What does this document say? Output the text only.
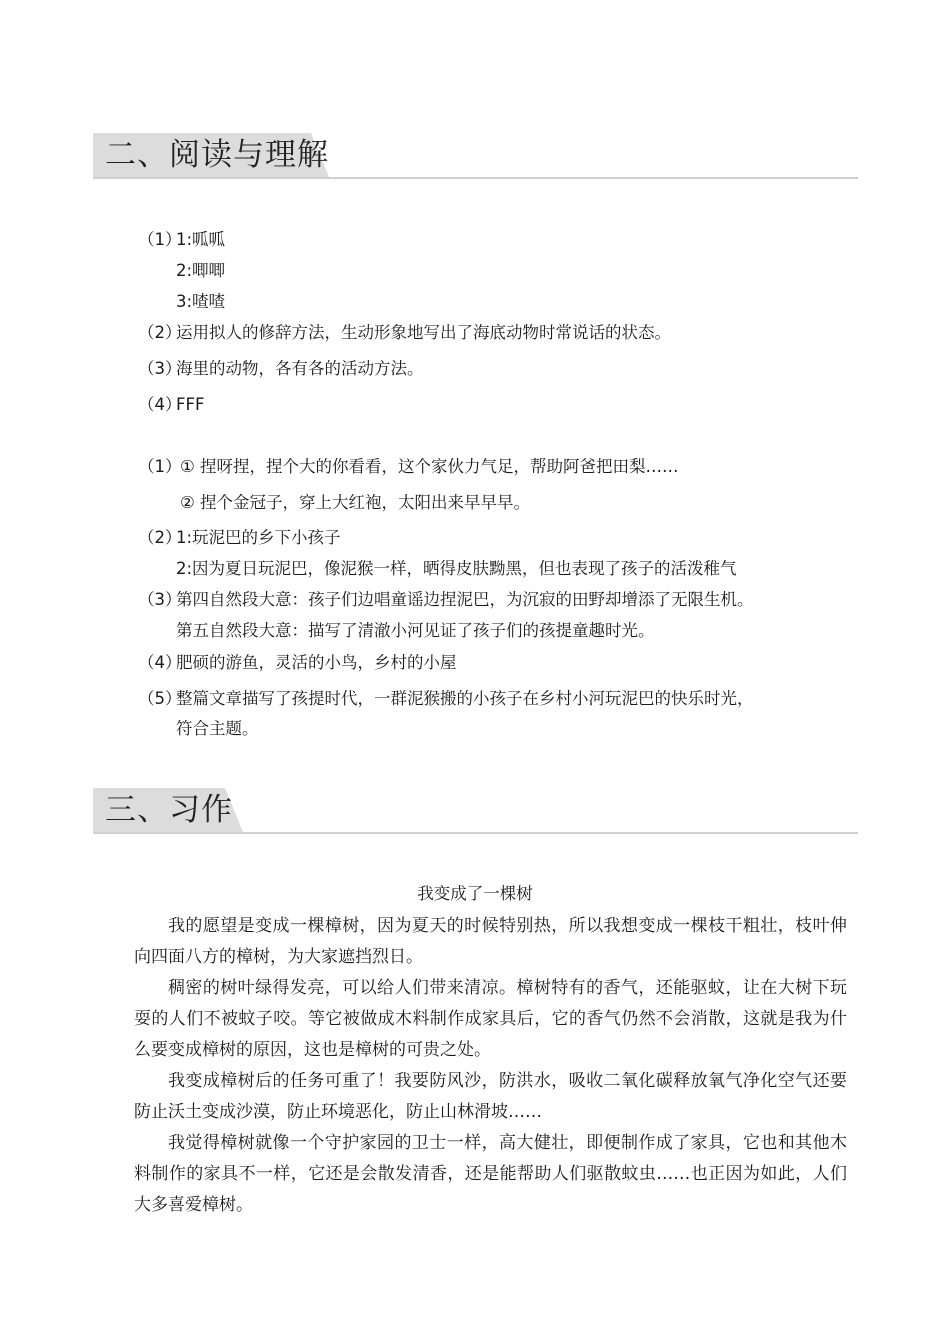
二、阅读与理解
（1）1:呱呱
2:唧唧
3:喳喳
（2）运用拟人的修辞方法，生动形象地写出了海底动物时常说话的状态。
（3）海里的动物，各有各的活动方法。
（4）FFF
（1）① 捏呀捏，捏个大的你看看，这个家伙力气足，帮助阿爸把田梨……
② 捏个金冠子，穿上大红袍，太阳出来早早早。
（2）1:玩泥巴的乡下小孩子
2:因为夏日玩泥巴，像泥猴一样，晒得皮肤黝黑，但也表现了孩子的活泼稚气
（3）第四自然段大意：孩子们边唱童谣边捏泥巴，为沉寂的田野却增添了无限生机。
第五自然段大意：描写了清澈小河见证了孩子们的孩提童趣时光。
（4）肥硕的游鱼，灵活的小鸟，乡村的小屋
（5）整篇文章描写了孩提时代，一群泥猴搬的小孩子在乡村小河玩泥巴的快乐时光，
符合主题。
三、习作
我变成了一棵树

我的愿望是变成一棵樟树，因为夏天的时候特别热，所以我想变成一棵枝干粗壮，枝叶伸向四面八方的樟树，为大家遮挡烈日。

稠密的树叶绿得发亮，可以给人们带来清凉。樟树特有的香气，还能驱蚊，让在大树下玩耍的人们不被蚊子咬。等它被做成木料制作成家具后，它的香气仍然不会消散，这就是我为什么要变成樟树的原因，这也是樟树的可贵之处。

我变成樟树后的任务可重了！我要防风沙，防洪水，吸收二氧化碳释放氧气净化空气还要防止沃土变成沙漠，防止环境恶化，防止山林滑坡……

我觉得樟树就像一个守护家园的卫士一样，高大健壮，即便制作成了家具，它也和其他木料制作的家具不一样，它还是会散发清香，还是能帮助人们驱散蚊虫……也正因为如此，人们大多喜爱樟树。
